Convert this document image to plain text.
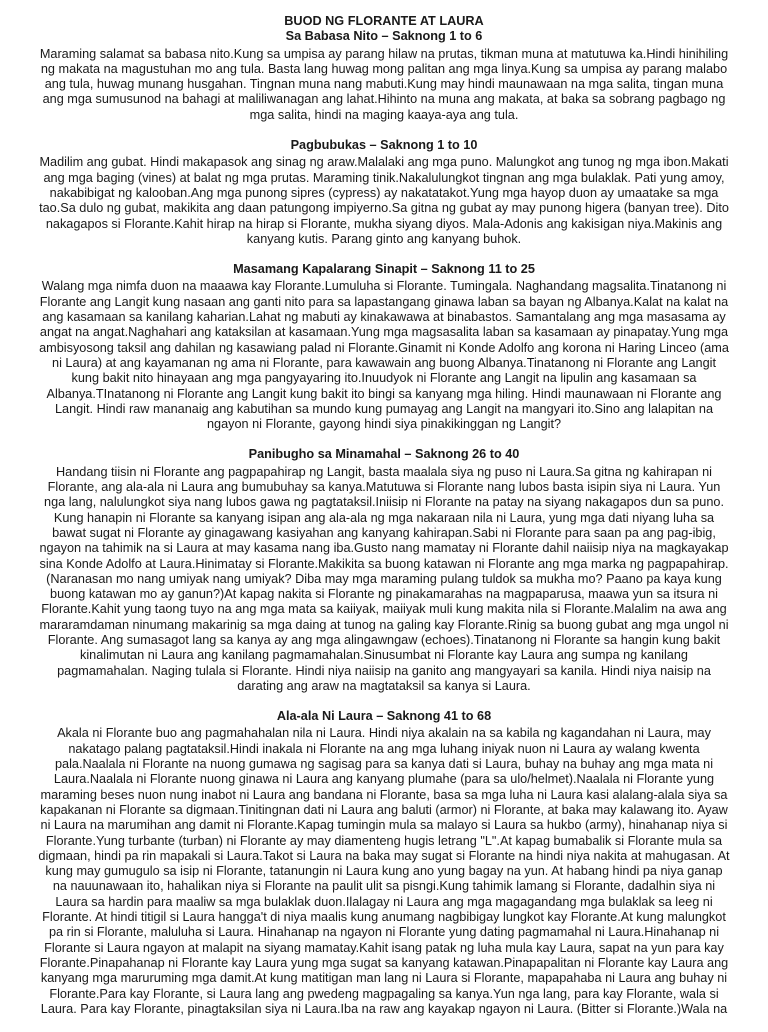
BUOD NG FLORANTE AT LAURA
Sa Babasa Nito – Saknong 1 to 6

Maraming salamat sa babasa nito.Kung sa umpisa ay parang hilaw na prutas, tikman muna at matutuwa ka.Hindi hinihiling ng makata na magustuhan mo ang tula. Basta lang huwag mong palitan ang mga linya.Kung sa umpisa ay parang malabo ang tula, huwag munang husgahan. Tingnan muna nang mabuti.Kung may hindi maunawaan na mga salita, tingan muna ang mga sumusunod na bahagi at maliliwanagan ang lahat.Hihinto na muna ang makata, at baka sa sobrang pagbago ng mga salita, hindi na maging kaaya-aya ang tula.

Pagbubukas – Saknong 1 to 10

Madilim ang gubat. Hindi makapasok ang sinag ng araw.Malalaki ang mga puno. Malungkot ang tunog ng mga ibon.Makati ang mga baging (vines) at balat ng mga prutas. Maraming tinik.Nakalulungkot tingnan ang mga bulaklak. Pati yung amoy, nakabibigat ng kalooban.Ang mga punong sipres (cypress) ay nakatatakot.Yung mga hayop duon ay umaatake sa mga tao.Sa dulo ng gubat, makikita ang daan patungong impiyerno.Sa gitna ng gubat ay may punong higera (banyan tree). Dito nakagapos si Florante.Kahit hirap na hirap si Florante, mukha siyang diyos. Mala-Adonis ang kakisigan niya.Makinis ang kanyang kutis. Parang ginto ang kanyang buhok.

Masamang Kapalarang Sinapit – Saknong 11 to 25

Walang mga nimfa duon na maaawa kay Florante.Lumuluha si Florante. Tumingala. Naghandang magsalita.Tinatanong ni Florante ang Langit kung nasaan ang ganti nito para sa lapastangang ginawa laban sa bayan ng Albanya.Kalat na kalat na ang kasamaan sa kanilang kaharian.Lahat ng mabuti ay kinakawawa at binabastos. Samantalang ang mga masasama ay angat na angat.Naghahari ang kataksilan at kasamaan.Yung mga magsasalita laban sa kasamaan ay pinapatay.Yung mga ambisyosong taksil ang dahilan ng kasawiang palad ni Florante.Ginamit ni Konde Adolfo ang korona ni Haring Linceo (ama ni Laura) at ang kayamanan ng ama ni Florante, para kawawain ang buong Albanya.Tinatanong ni Florante ang Langit kung bakit nito hinayaan ang mga pangyayaring ito.Inuudyok ni Florante ang Langit na lipulin ang kasamaan sa Albanya.TInatanong ni Florante ang Langit kung bakit ito bingi sa kanyang mga hiling. Hindi maunawaan ni Florante ang Langit. Hindi raw mananaig ang kabutihan sa mundo kung pumayag ang Langit na mangyari ito.Sino ang lalapitan na ngayon ni Florante, gayong hindi siya pinakikinggan ng Langit?

Panibugho sa Minamahal – Saknong 26 to 40

Handang tiisin ni Florante ang pagpapahirap ng Langit, basta maalala siya ng puso ni Laura.Sa gitna ng kahirapan ni Florante, ang ala-ala ni Laura ang bumubuhay sa kanya.Matutuwa si Florante nang lubos basta isipin siya ni Laura. Yun nga lang, nalulungkot siya nang lubos gawa ng pagtataksil.Iniisip ni Florante na patay na siyang nakagapos dun sa puno. Kung hanapin ni Florante sa kanyang isipan ang ala-ala ng mga nakaraan nila ni Laura, yung mga dati niyang luha sa bawat sugat ni Florante ay ginagawang kasiyahan ang kanyang kahirapan.Sabi ni Florante para saan pa ang pag-ibig, ngayon na tahimik na si Laura at may kasama nang iba.Gusto nang mamatay ni Florante dahil naiisip niya na magkayakap sina Konde Adolfo at Laura.Hinimatay si Florante.Makikita sa buong katawan ni Florante ang mga marka ng pagpapahirap.(Naranasan mo nang umiyak nang umiyak? Diba may mga maraming pulang tuldok sa mukha mo? Paano pa kaya kung buong katawan mo ay ganun?)At kapag nakita si Florante ng pinakamarahas na magpaparusa, maawa yun sa itsura ni Florante.Kahit yung taong tuyo na ang mga mata sa kaiiyak, maiiyak muli kung makita nila si Florante.Malalim na awa ang mararamdaman ninumang makarinig sa mga daing at tunog na galing kay Florante.Rinig sa buong gubat ang mga ungol ni Florante. Ang sumasagot lang sa kanya ay ang mga alingawngaw (echoes).Tinatanong ni Florante sa hangin kung bakit kinalimutan ni Laura ang kanilang pagmamahalan.Sinusumbat ni Florante kay Laura ang sumpa ng kanilang pagmamahalan. Naging tulala si Florante. Hindi niya naiisip na ganito ang mangyayari sa kanila. Hindi niya naisip na darating ang araw na magtataksil sa kanya si Laura.

Ala-ala Ni Laura – Saknong 41 to 68

Akala ni Florante buo ang pagmahahalan nila ni Laura. Hindi niya akalain na sa kabila ng kagandahan ni Laura, may nakatago palang pagtataksil.Hindi inakala ni Florante na ang mga luhang iniyak nuon ni Laura ay walang kwenta pala.Naalala ni Florante na nuong gumawa ng sagisag para sa kanya dati si Laura, buhay na buhay ang mga mata ni Laura.Naalala ni Florante nuong ginawa ni Laura ang kanyang plumahe (para sa ulo/helmet).Naalala ni Florante yung maraming beses nuon nung inabot ni Laura ang bandana ni Florante, basa sa mga luha ni Laura kasi alalang-alala siya sa kapakanan ni Florante sa digmaan.Tinitingnan dati ni Laura ang baluti (armor) ni Florante, at baka may kalawang ito. Ayaw ni Laura na marumihan ang damit ni Florante.Kapag tumingin mula sa malayo si Laura sa hukbo (army), hinahanap niya si Florante.Yung turbante (turban) ni Florante ay may diamenteng hugis letrang "L".At kapag bumabalik si Florante mula sa digmaan, hindi pa rin mapakali si Laura.Takot si Laura na baka may sugat si Florante na hindi niya nakita at mahugasan. At kung may gumugulo sa isip ni Florante, tatanungin ni Laura kung ano yung bagay na yun. At habang hindi pa niya ganap na nauunawaan ito, hahalikan niya si Florante na paulit ulit sa pisngi.Kung tahimik lamang si Florante, dadalhin siya ni Laura sa hardin para maaliw sa mga bulaklak duon.Ilalagay ni Laura ang mga magagandang mga bulaklak sa leeg ni Florante. At hindi titigil si Laura hangga't di niya maalis kung anumang nagbibigay lungkot kay Florante.At kung malungkot pa rin si Florante, maluluha si Laura. Hinahanap na ngayon ni Florante yung dating pagmamahal ni Laura.Hinahanap ni Florante si Laura ngayon at malapit na siyang mamatay.Kahit isang patak ng luha mula kay Laura, sapat na yun para kay Florante.Pinapahanap ni Florante kay Laura yung mga sugat sa kanyang katawan.Pinapapalitan ni Florante kay Laura ang kanyang mga maruruming mga damit.At kung matitigan man lang ni Laura si Florante, mapapahaba ni Laura ang buhay ni Florante.Para kay Florante, si Laura lang ang pwedeng magpagaling sa kanya.Yun nga lang, para kay Florante, wala si Laura. Para kay Florante, pinagtaksilan siya ni Laura.Iba na raw ang kayakap ngayon ni Laura. (Bitter si Florante.)Wala na
